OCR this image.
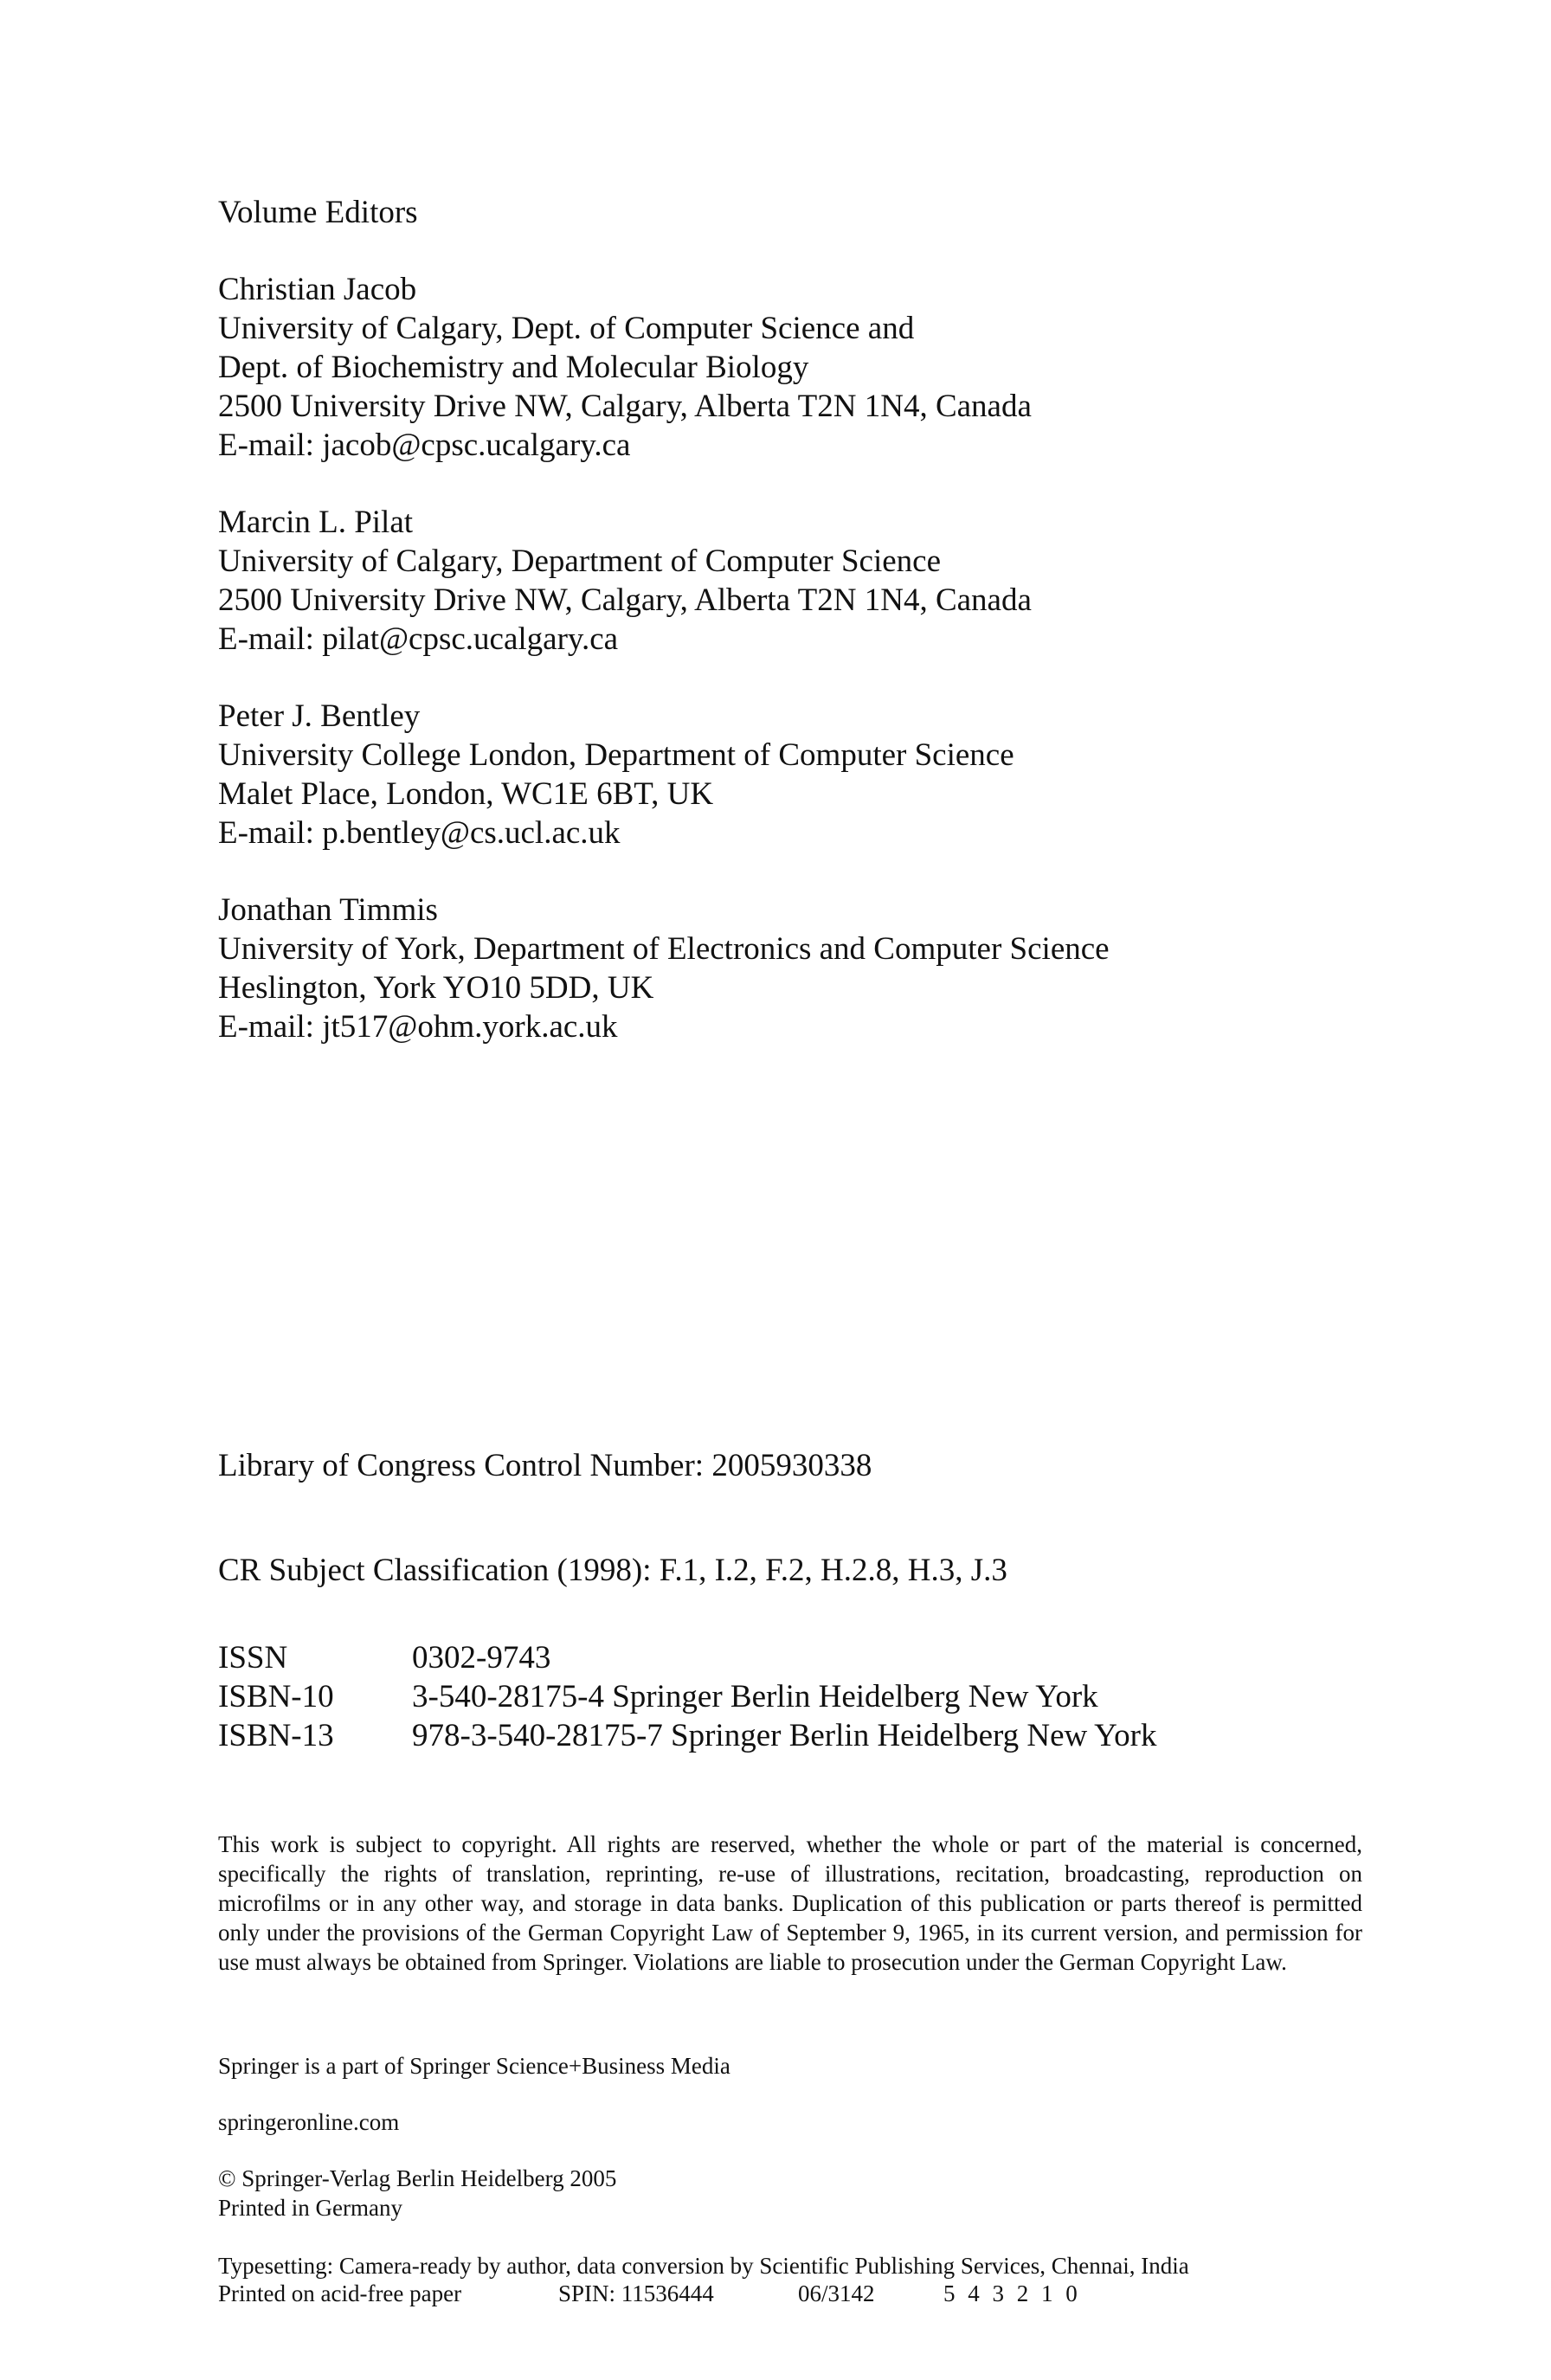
Volume Editors
Christian Jacob
University of Calgary, Dept. of Computer Science and
Dept. of Biochemistry and Molecular Biology
2500 University Drive NW, Calgary, Alberta T2N 1N4, Canada
E-mail: jacob@cpsc.ucalgary.ca
Marcin L. Pilat
University of Calgary, Department of Computer Science
2500 University Drive NW, Calgary, Alberta T2N 1N4, Canada
E-mail: pilat@cpsc.ucalgary.ca
Peter J. Bentley
University College London, Department of Computer Science
Malet Place, London, WC1E 6BT, UK
E-mail: p.bentley@cs.ucl.ac.uk
Jonathan Timmis
University of York, Department of Electronics and Computer Science
Heslington, York YO10 5DD, UK
E-mail: jt517@ohm.york.ac.uk
Library of Congress Control Number: 2005930338
CR Subject Classification (1998): F.1, I.2, F.2, H.2.8, H.3, J.3
ISSN	0302-9743
ISBN-10 3-540-28175-4 Springer Berlin Heidelberg New York
ISBN-13 978-3-540-28175-7 Springer Berlin Heidelberg New York
This work is subject to copyright. All rights are reserved, whether the whole or part of the material is concerned, specifically the rights of translation, reprinting, re-use of illustrations, recitation, broadcasting, reproduction on microfilms or in any other way, and storage in data banks. Duplication of this publication or parts thereof is permitted only under the provisions of the German Copyright Law of September 9, 1965, in its current version, and permission for use must always be obtained from Springer. Violations are liable to prosecution under the German Copyright Law.
Springer is a part of Springer Science+Business Media
springeronline.com
© Springer-Verlag Berlin Heidelberg 2005
Printed in Germany
Typesetting: Camera-ready by author, data conversion by Scientific Publishing Services, Chennai, India
Printed on acid-free paper	SPIN: 11536444	06/3142	5 4 3 2 1 0
